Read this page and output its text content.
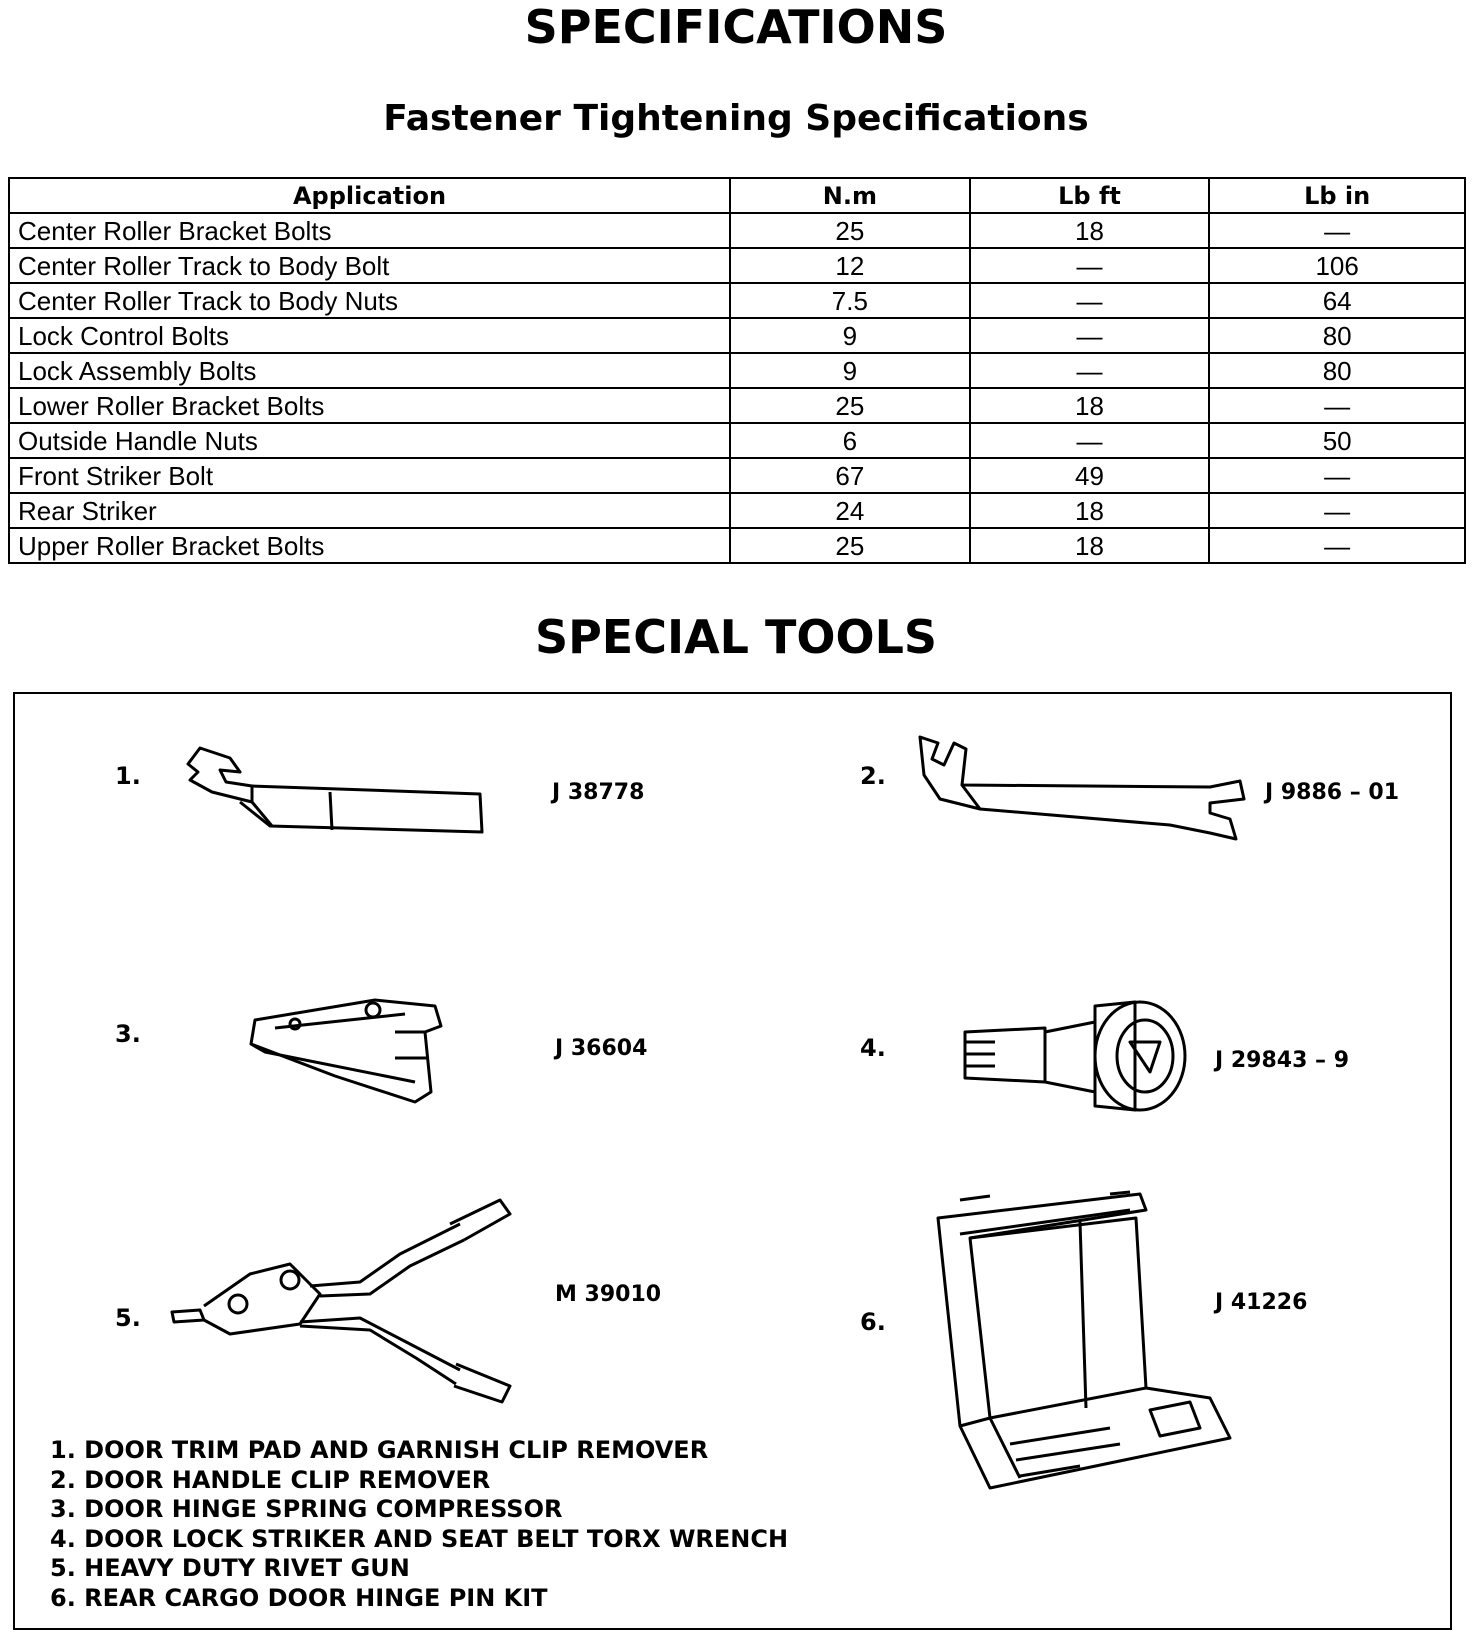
SPECIFICATIONS
Fastener Tightening Specifications
Application	N.m	Lb ft	Lb in
Center Roller Bracket Bolts	25	18	—
Center Roller Track to Body Bolt	12	—	106
Center Roller Track to Body Nuts	7.5	—	64
Lock Control Bolts	9	—	80
Lock Assembly Bolts	9	—	80
Lower Roller Bracket Bolts	25	18	—
Outside Handle Nuts	6	—	50
Front Striker Bolt	67	49	—
Rear Striker	24	18	—
Upper Roller Bracket Bolts	25	18	—
SPECIAL TOOLS
1.
J 38778
2.
J 9886 – 01
3.
J 36604	4.	J 29843 – 9
5.
M 39010
6.
J 41226
1. DOOR TRIM PAD AND GARNISH CLIP REMOVER
2. DOOR HANDLE CLIP REMOVER
3. DOOR HINGE SPRING COMPRESSOR
4. DOOR LOCK STRIKER AND SEAT BELT TORX WRENCH
5. HEAVY DUTY RIVET GUN
6. REAR CARGO DOOR HINGE PIN KIT
